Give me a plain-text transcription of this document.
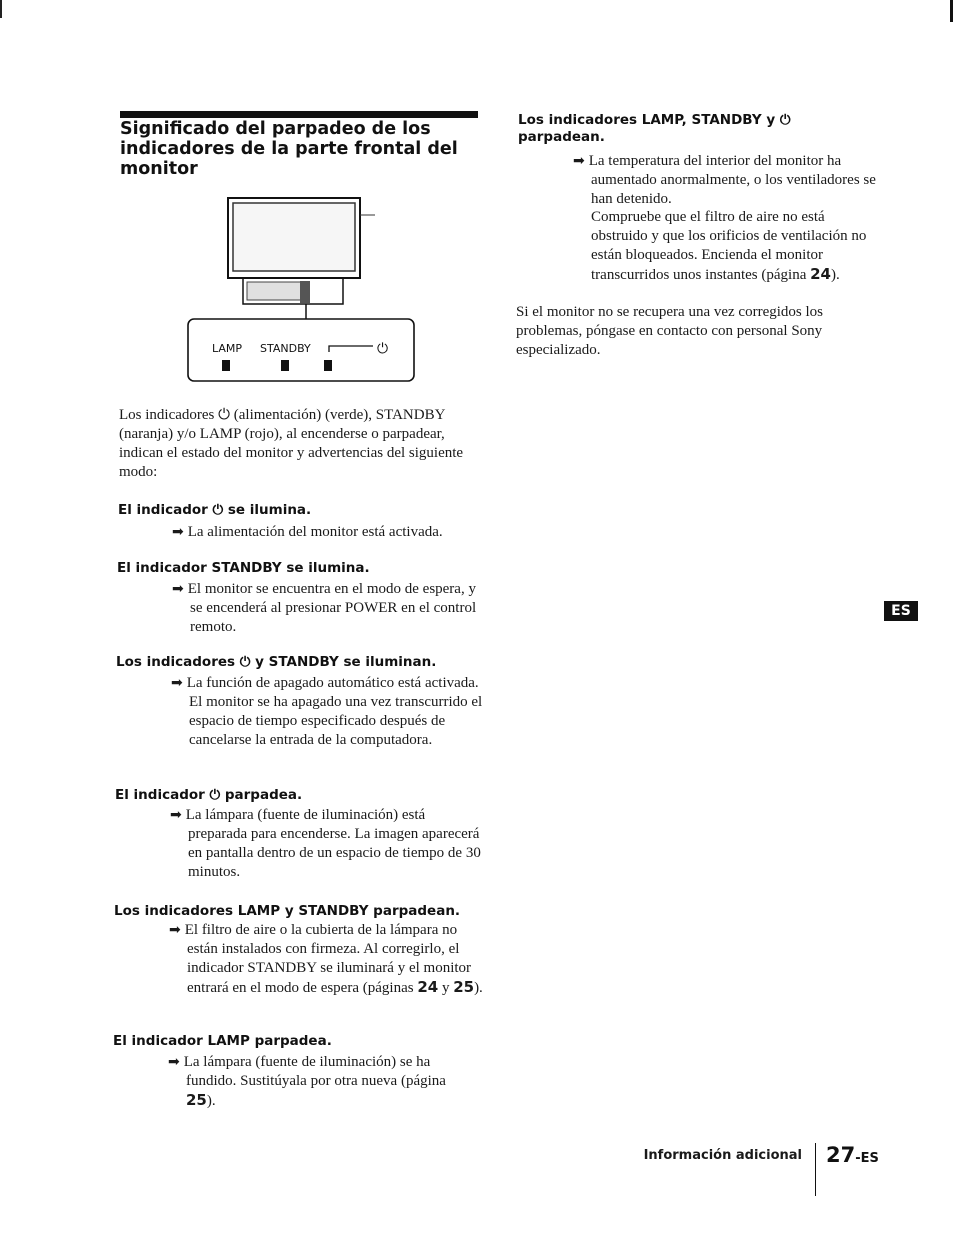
Significado del parpadeo de los indicadores de la parte frontal del monitor
LAMP STANDBY	⏻
Los indicadores ⏻ (alimentación) (verde), STANDBY (naranja) y/o LAMP (rojo), al encenderse o parpadear, indican el estado del monitor y advertencias del siguiente modo:
El indicador ⏻ se ilumina.
➡ La alimentación del monitor está activada.
El indicador STANDBY se ilumina.
➡ El monitor se encuentra en el modo de espera, y se encenderá al presionar POWER en el control remoto.
Los indicadores ⏻ y STANDBY se iluminan.
➡ La función de apagado automático está activada. El monitor se ha apagado una vez transcurrido el espacio de tiempo especificado después de cancelarse la entrada de la computadora.
El indicador ⏻ parpadea.
➡ La lámpara (fuente de iluminación) está preparada para encenderse. La imagen aparecerá en pantalla dentro de un espacio de tiempo de 30 minutos.
Los indicadores LAMP y STANDBY parpadean.
➡ El filtro de aire o la cubierta de la lámpara no están instalados con firmeza. Al corregirlo, el indicador STANDBY se iluminará y el monitor entrará en el modo de espera (páginas 24 y 25).
El indicador LAMP parpadea.
➡ La lámpara (fuente de iluminación) se ha fundido. Sustitúyala por otra nueva (página 25).
Los indicadores LAMP, STANDBY y ⏻ parpadean.
➡ La temperatura del interior del monitor ha aumentado anormalmente, o los ventiladores se han detenido.
Compruebe que el filtro de aire no está obstruido y que los orificios de ventilación no están bloqueados. Encienda el monitor transcurridos unos instantes (página 24).
Si el monitor no se recupera una vez corregidos los problemas, póngase en contacto con personal Sony especializado.
ES
Información adicional 27-ES
